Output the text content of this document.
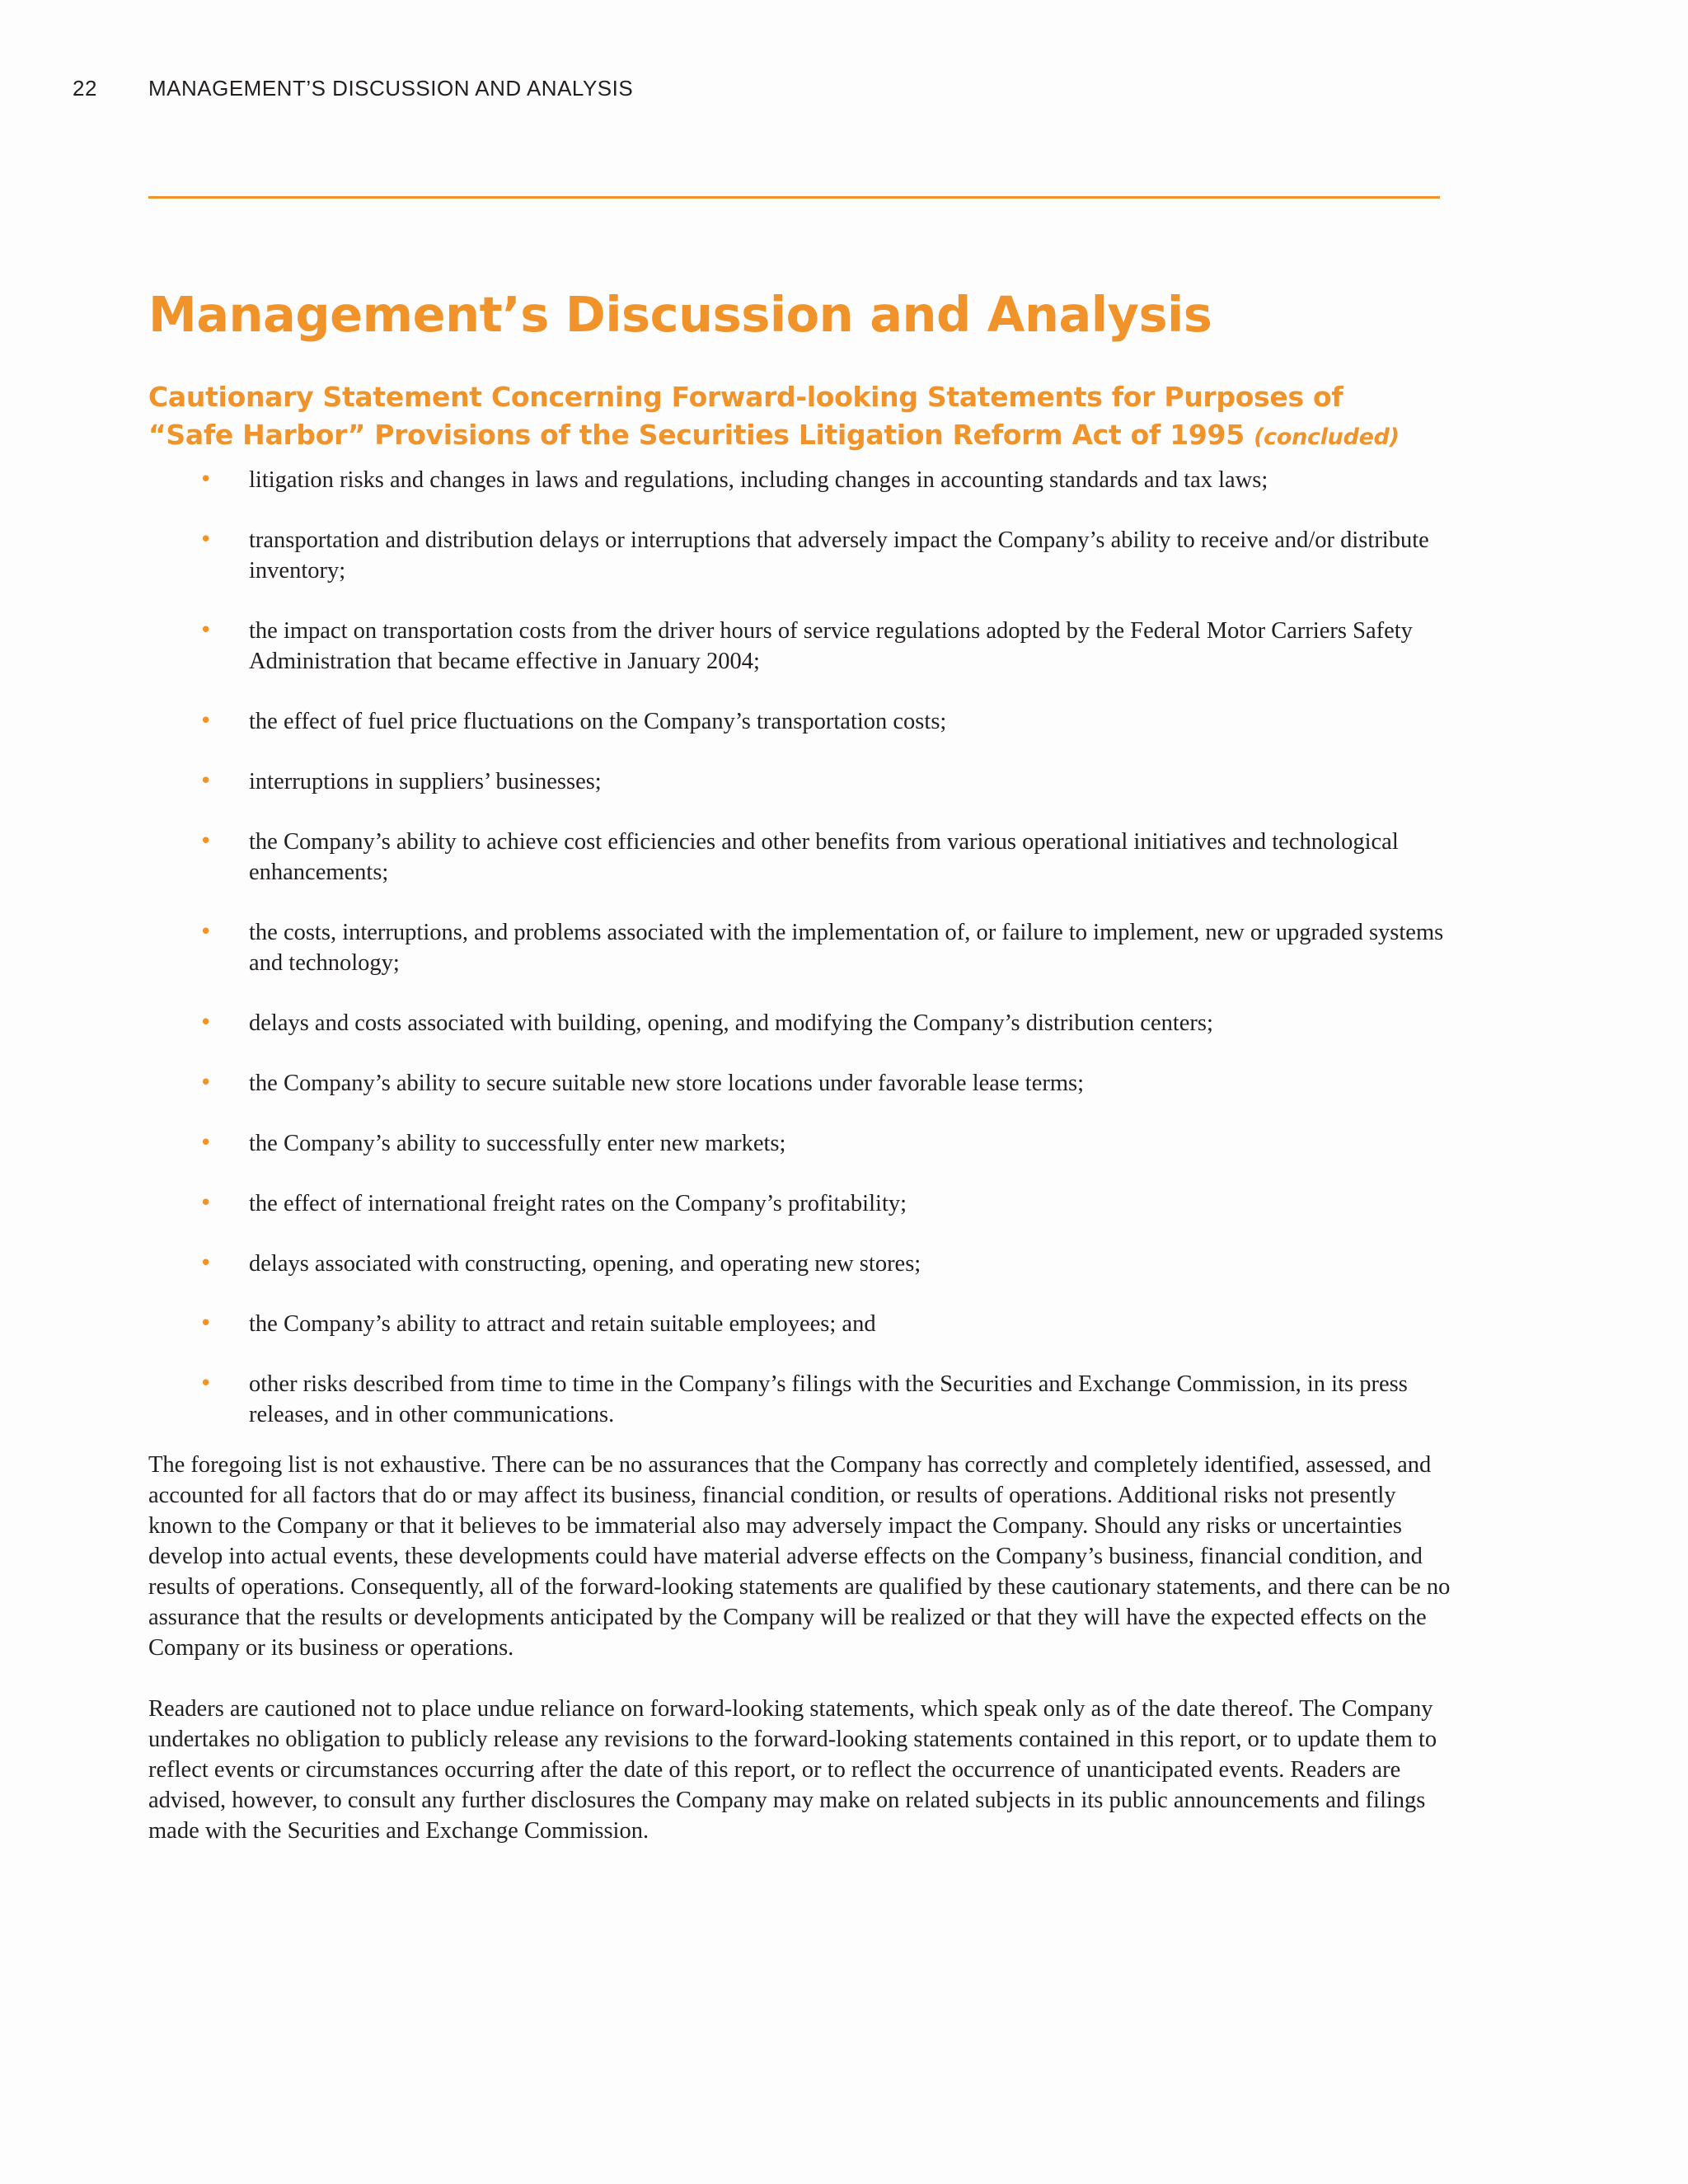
22 MANAGEMENT’S DISCUSSION AND ANALYSIS
Management’s Discussion and Analysis
Cautionary Statement Concerning Forward-looking Statements for Purposes of
“Safe Harbor” Provisions of the Securities Litigation Reform Act of 1995 (concluded)
• litigation risks and changes in laws and regulations, including changes in accounting standards and tax laws;
• transportation and distribution delays or interruptions that adversely impact the Company’s ability to receive and/or distribute inventory;
• the impact on transportation costs from the driver hours of service regulations adopted by the Federal Motor Carriers Safety Administration that became effective in January 2004;
• the effect of fuel price fluctuations on the Company’s transportation costs;
• interruptions in suppliers’ businesses;
• the Company’s ability to achieve cost efficiencies and other benefits from various operational initiatives and technological enhancements;
• the costs, interruptions, and problems associated with the implementation of, or failure to implement, new or upgraded systems and technology;
• delays and costs associated with building, opening, and modifying the Company’s distribution centers;
• the Company’s ability to secure suitable new store locations under favorable lease terms;
• the Company’s ability to successfully enter new markets;
• the effect of international freight rates on the Company’s profitability;
• delays associated with constructing, opening, and operating new stores;
• the Company’s ability to attract and retain suitable employees; and
• other risks described from time to time in the Company’s filings with the Securities and Exchange Commission, in its press releases, and in other communications.

The foregoing list is not exhaustive. There can be no assurances that the Company has correctly and completely identified, assessed, and accounted for all factors that do or may affect its business, financial condition, or results of operations. Additional risks not presently known to the Company or that it believes to be immaterial also may adversely impact the Company. Should any risks or uncertainties develop into actual events, these developments could have material adverse effects on the Company’s business, financial condition, and results of operations. Consequently, all of the forward-looking statements are qualified by these cautionary statements, and there can be no assurance that the results or developments anticipated by the Company will be realized or that they will have the expected effects on the Company or its business or operations.

Readers are cautioned not to place undue reliance on forward-looking statements, which speak only as of the date thereof. The Company undertakes no obligation to publicly release any revisions to the forward-looking statements contained in this report, or to update them to reflect events or circumstances occurring after the date of this report, or to reflect the occurrence of unanticipated events. Readers are advised, however, to consult any further disclosures the Company may make on related subjects in its public announcements and filings made with the Securities and Exchange Commission.
